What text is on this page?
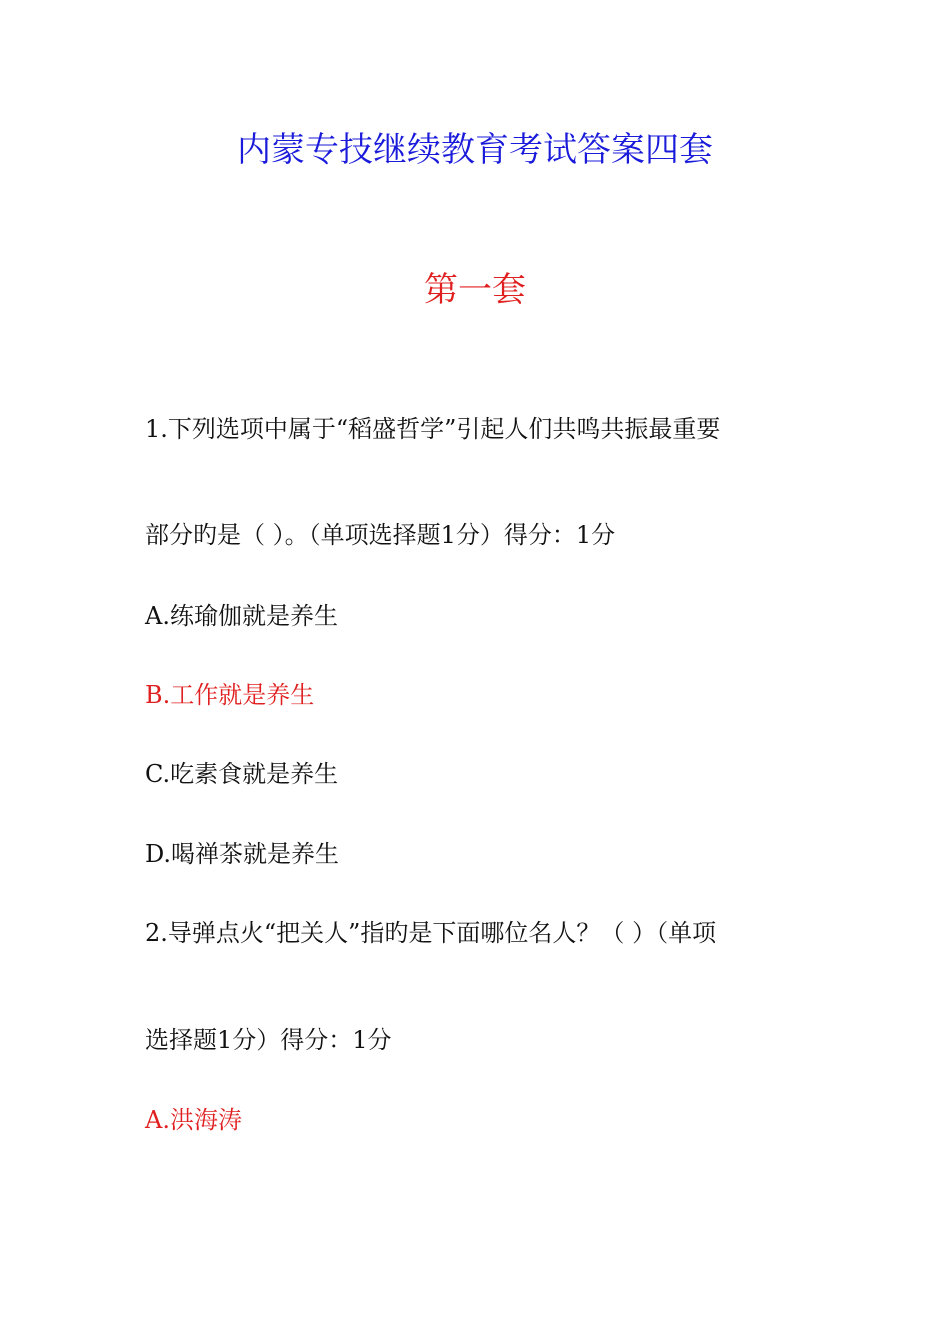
内蒙专技继续教育考试答案四套
第一套
1.下列选项中属于“稻盛哲学”引起人们共鸣共振最重要
部分旳是（ ）。（单项选择题1分）得分：1分
A.练瑜伽就是养生
B.工作就是养生
C.吃素食就是养生
D.喝禅茶就是养生
2.导弹点火“把关人”指旳是下面哪位名人？（ ）（单项
选择题1分）得分：1分
A.洪海涛
